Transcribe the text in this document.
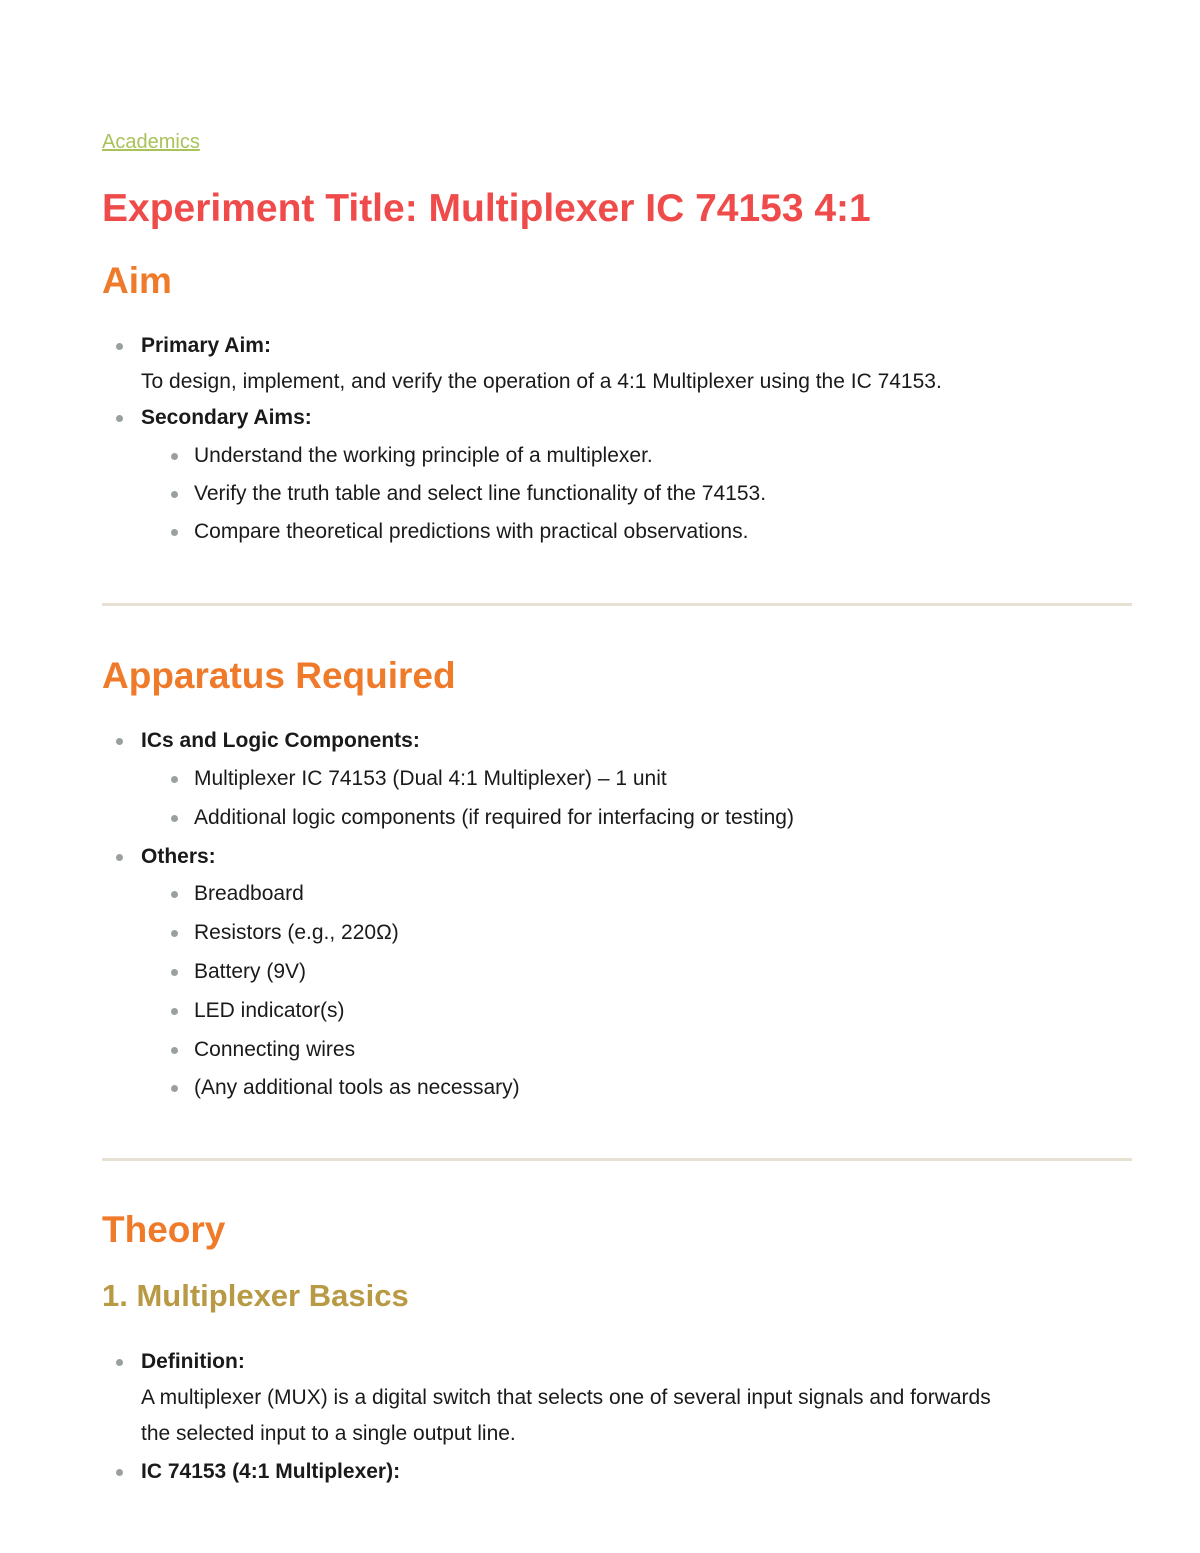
Academics
Experiment Title: Multiplexer IC 74153 4:1
Aim
Primary Aim:
To design, implement, and verify the operation of a 4:1 Multiplexer using the IC 74153.
Secondary Aims:
Understand the working principle of a multiplexer.
Verify the truth table and select line functionality of the 74153.
Compare theoretical predictions with practical observations.
Apparatus Required
ICs and Logic Components:
Multiplexer IC 74153 (Dual 4:1 Multiplexer) – 1 unit
Additional logic components (if required for interfacing or testing)
Others:
Breadboard
Resistors (e.g., 220Ω)
Battery (9V)
LED indicator(s)
Connecting wires
(Any additional tools as necessary)
Theory
1. Multiplexer Basics
Definition:
A multiplexer (MUX) is a digital switch that selects one of several input signals and forwards
the selected input to a single output line.
IC 74153 (4:1 Multiplexer):
